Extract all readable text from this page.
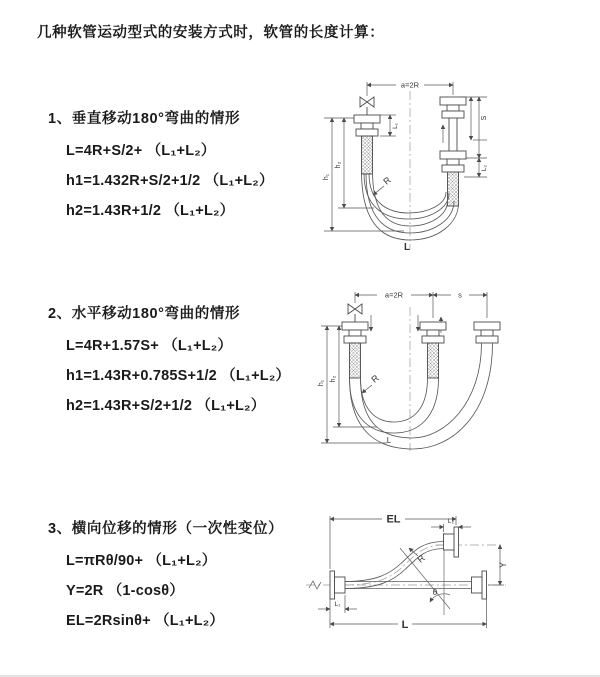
几种软管运动型式的安装方式时，软管的长度计算：
1、垂直移动180°弯曲的情形
L=4R+S/2+ （L₁+L₂）
h1=1.432R+S/2+1/2 （L₁+L₂）
h2=1.43R+1/2 （L₁+L₂）
2、水平移动180°弯曲的情形
L=4R+1.57S+ （L₁+L₂）
h1=1.43R+0.785S+1/2 （L₁+L₂）
h2=1.43R+S/2+1/2 （L₁+L₂）
3、横向位移的情形（一次性变位）
L=πRθ/90+ （L₁+L₂）
Y=2R （1-cosθ）
EL=2Rsinθ+ （L₁+L₂）
a=2R
h₁
h₂
L₁
S
L₂
R
L
a=2R	s
h₁
h₂	R
L
EL	L₂
Y
R
θ
L₁
L
